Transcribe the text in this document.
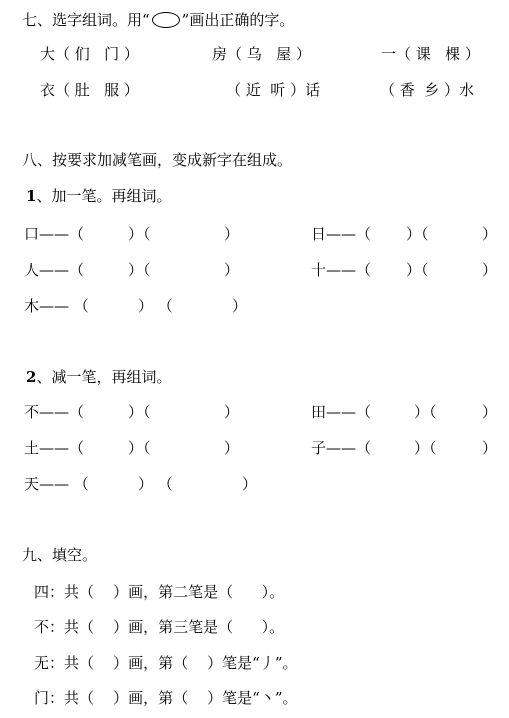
七、选字组词。用“ ”画出正确的字。
大（ 们   门 ）	房（ 乌   屋 ）	一（ 课   棵 ）
衣（ 肚   服 ）	（ 近  听 ）话	（ 香  乡 ）水
八、按要求加减笔画，变成新字在组成。
1、加一笔。再组词。
口——（	）（	）	日——（ ）（	）
人——（	）（	）	十——（ ）（	）
木—— （	） （	）
2、减一笔，再组词。
不——（	）（	）	田——（	）（	）
土——（	）（	）	子——（	）（	）
天—— （	） （	）
九、填空。
四：共（    ）画，第二笔是（      ）。
不：共（    ）画，第三笔是（      ）。
无：共（    ）画，第（    ）笔是“丿”。
门：共（    ）画，第（    ）笔是“丶”。
